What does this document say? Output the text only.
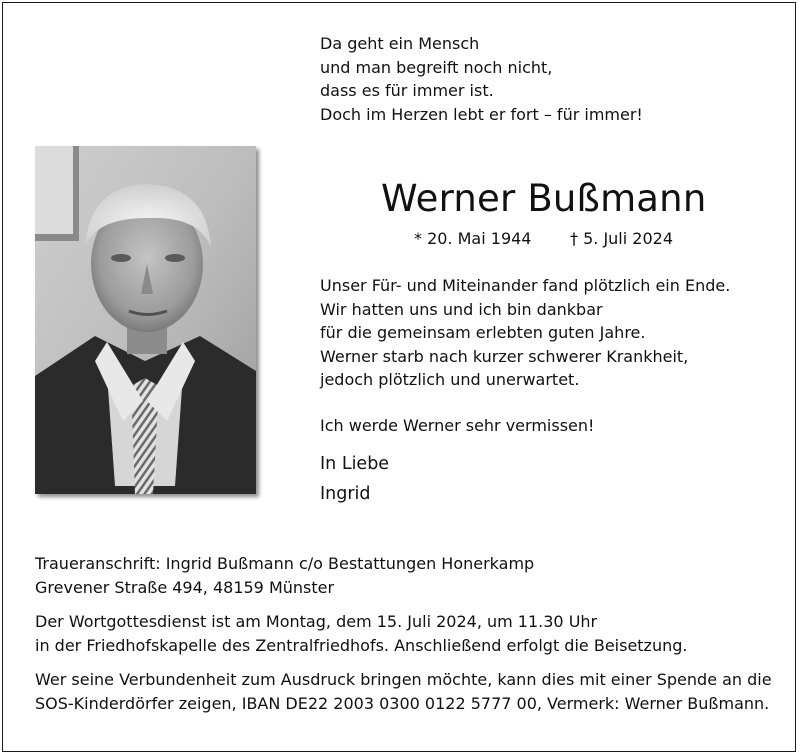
Da geht ein Mensch
und man begreift noch nicht,
dass es für immer ist.
Doch im Herzen lebt er fort – für immer!
Werner Bußmann
* 20. Mai 1944 † 5. Juli 2024
Unser Für- und Miteinander fand plötzlich ein Ende.
Wir hatten uns und ich bin dankbar
für die gemeinsam erlebten guten Jahre.
Werner starb nach kurzer schwerer Krankheit,
jedoch plötzlich und unerwartet.
Ich werde Werner sehr vermissen!
In Liebe
Ingrid
Traueranschrift: Ingrid Bußmann c/o Bestattungen Honerkamp
Grevener Straße 494, 48159 Münster
Der Wortgottesdienst ist am Montag, dem 15. Juli 2024, um 11.30 Uhr
in der Friedhofskapelle des Zentralfriedhofs. Anschließend erfolgt die Beisetzung.
Wer seine Verbundenheit zum Ausdruck bringen möchte, kann dies mit einer Spende an die
SOS-Kinderdörfer zeigen, IBAN DE22 2003 0300 0122 5777 00, Vermerk: Werner Bußmann.
